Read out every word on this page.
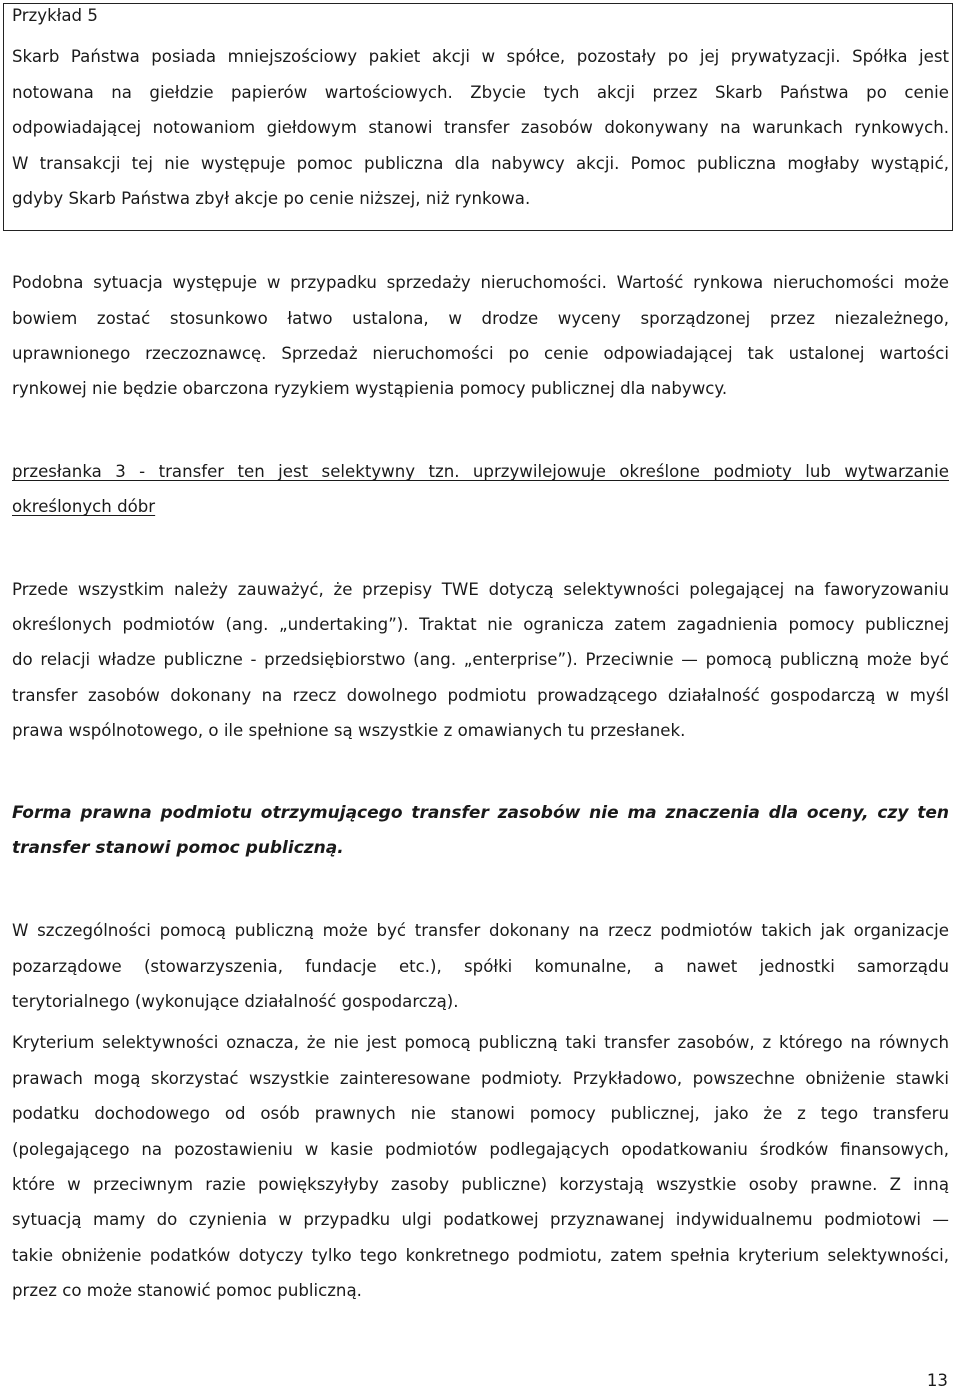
Przykład 5
Skarb Państwa posiada mniejszościowy pakiet akcji w spółce, pozostały po jej prywatyzacji. Spółka jest
notowana na giełdzie papierów wartościowych. Zbycie tych akcji przez Skarb Państwa po cenie
odpowiadającej notowaniom giełdowym stanowi transfer zasobów dokonywany na warunkach rynkowych.
W transakcji tej nie występuje pomoc publiczna dla nabywcy akcji. Pomoc publiczna mogłaby wystąpić,
gdyby Skarb Państwa zbył akcje po cenie niższej, niż rynkowa.
Podobna sytuacja występuje w przypadku sprzedaży nieruchomości. Wartość rynkowa nieruchomości może
bowiem zostać stosunkowo łatwo ustalona, w drodze wyceny sporządzonej przez niezależnego,
uprawnionego rzeczoznawcę. Sprzedaż nieruchomości po cenie odpowiadającej tak ustalonej wartości
rynkowej nie będzie obarczona ryzykiem wystąpienia pomocy publicznej dla nabywcy.
przesłanka 3 - transfer ten jest selektywny tzn. uprzywilejowuje określone podmioty lub wytwarzanie
określonych dóbr
Przede wszystkim należy zauważyć, że przepisy TWE dotyczą selektywności polegającej na faworyzowaniu
określonych podmiotów (ang. „undertaking”). Traktat nie ogranicza zatem zagadnienia pomocy publicznej
do relacji władze publiczne - przedsiębiorstwo (ang. „enterprise”). Przeciwnie — pomocą publiczną może być
transfer zasobów dokonany na rzecz dowolnego podmiotu prowadzącego działalność gospodarczą w myśl
prawa wspólnotowego, o ile spełnione są wszystkie z omawianych tu przesłanek.
Forma prawna podmiotu otrzymującego transfer zasobów nie ma znaczenia dla oceny, czy ten
transfer stanowi pomoc publiczną.
W szczególności pomocą publiczną może być transfer dokonany na rzecz podmiotów takich jak organizacje
pozarządowe (stowarzyszenia, fundacje etc.), spółki komunalne, a nawet jednostki samorządu
terytorialnego (wykonujące działalność gospodarczą).
Kryterium selektywności oznacza, że nie jest pomocą publiczną taki transfer zasobów, z którego na równych
prawach mogą skorzystać wszystkie zainteresowane podmioty. Przykładowo, powszechne obniżenie stawki
podatku dochodowego od osób prawnych nie stanowi pomocy publicznej, jako że z tego transferu
(polegającego na pozostawieniu w kasie podmiotów podlegających opodatkowaniu środków finansowych,
które w przeciwnym razie powiększyłyby zasoby publiczne) korzystają wszystkie osoby prawne. Z inną
sytuacją mamy do czynienia w przypadku ulgi podatkowej przyznawanej indywidualnemu podmiotowi —
takie obniżenie podatków dotyczy tylko tego konkretnego podmiotu, zatem spełnia kryterium selektywności,
przez co może stanowić pomoc publiczną.
13
